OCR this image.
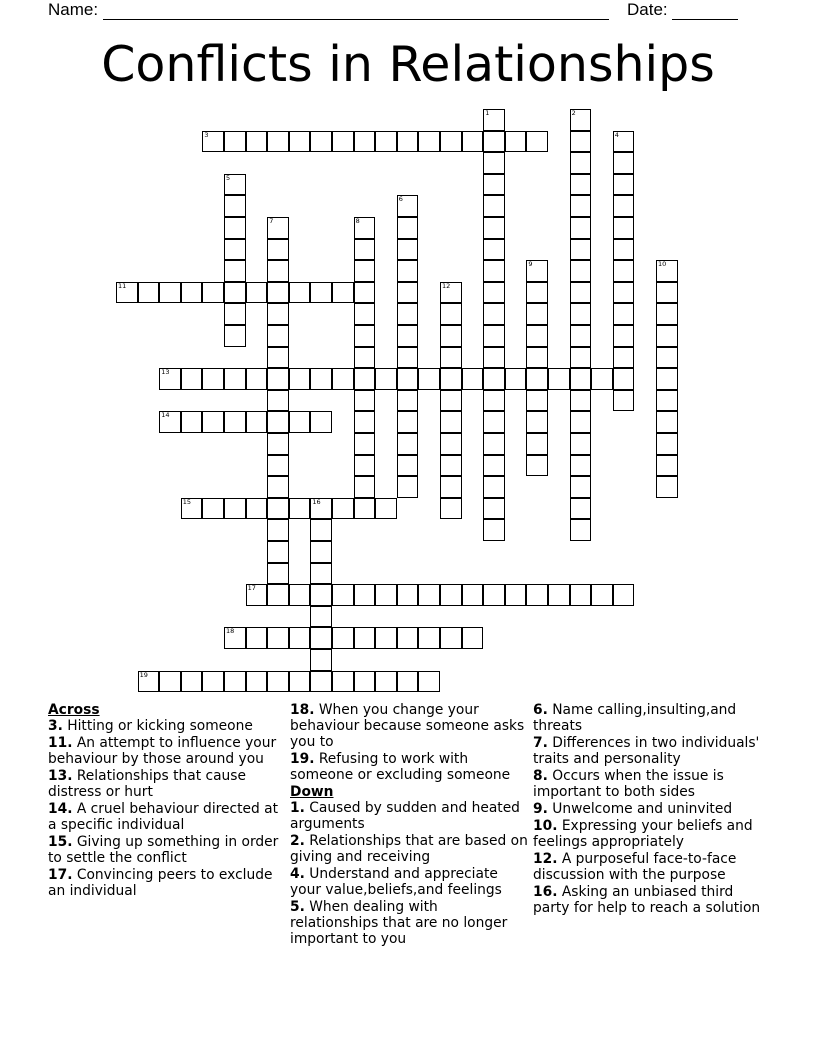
Name:	Date:
Conflicts in Relationships
3
11
13
14
15	16
17
18
19
1	2
4
5
6
7	8
9	10
12
Across
3. Hitting or kicking someone
11. An attempt to influence your behaviour by those around you
13. Relationships that cause distress or hurt
14. A cruel behaviour directed at a specific individual
15. Giving up something in order to settle the conflict
17. Convincing peers to exclude an individual
18. When you change your behaviour because someone asks you to
19. Refusing to work with someone or excluding someone
Down
1. Caused by sudden and heated arguments
2. Relationships that are based on giving and receiving
4. Understand and appreciate your value,beliefs,and feelings
5. When dealing with relationships that are no longer important to you
6. Name calling,insulting,and threats
7. Differences in two individuals' traits and personality
8. Occurs when the issue is important to both sides
9. Unwelcome and uninvited
10. Expressing your beliefs and feelings appropriately
12. A purposeful face-to-face discussion with the purpose
16. Asking an unbiased third party for help to reach a solution
